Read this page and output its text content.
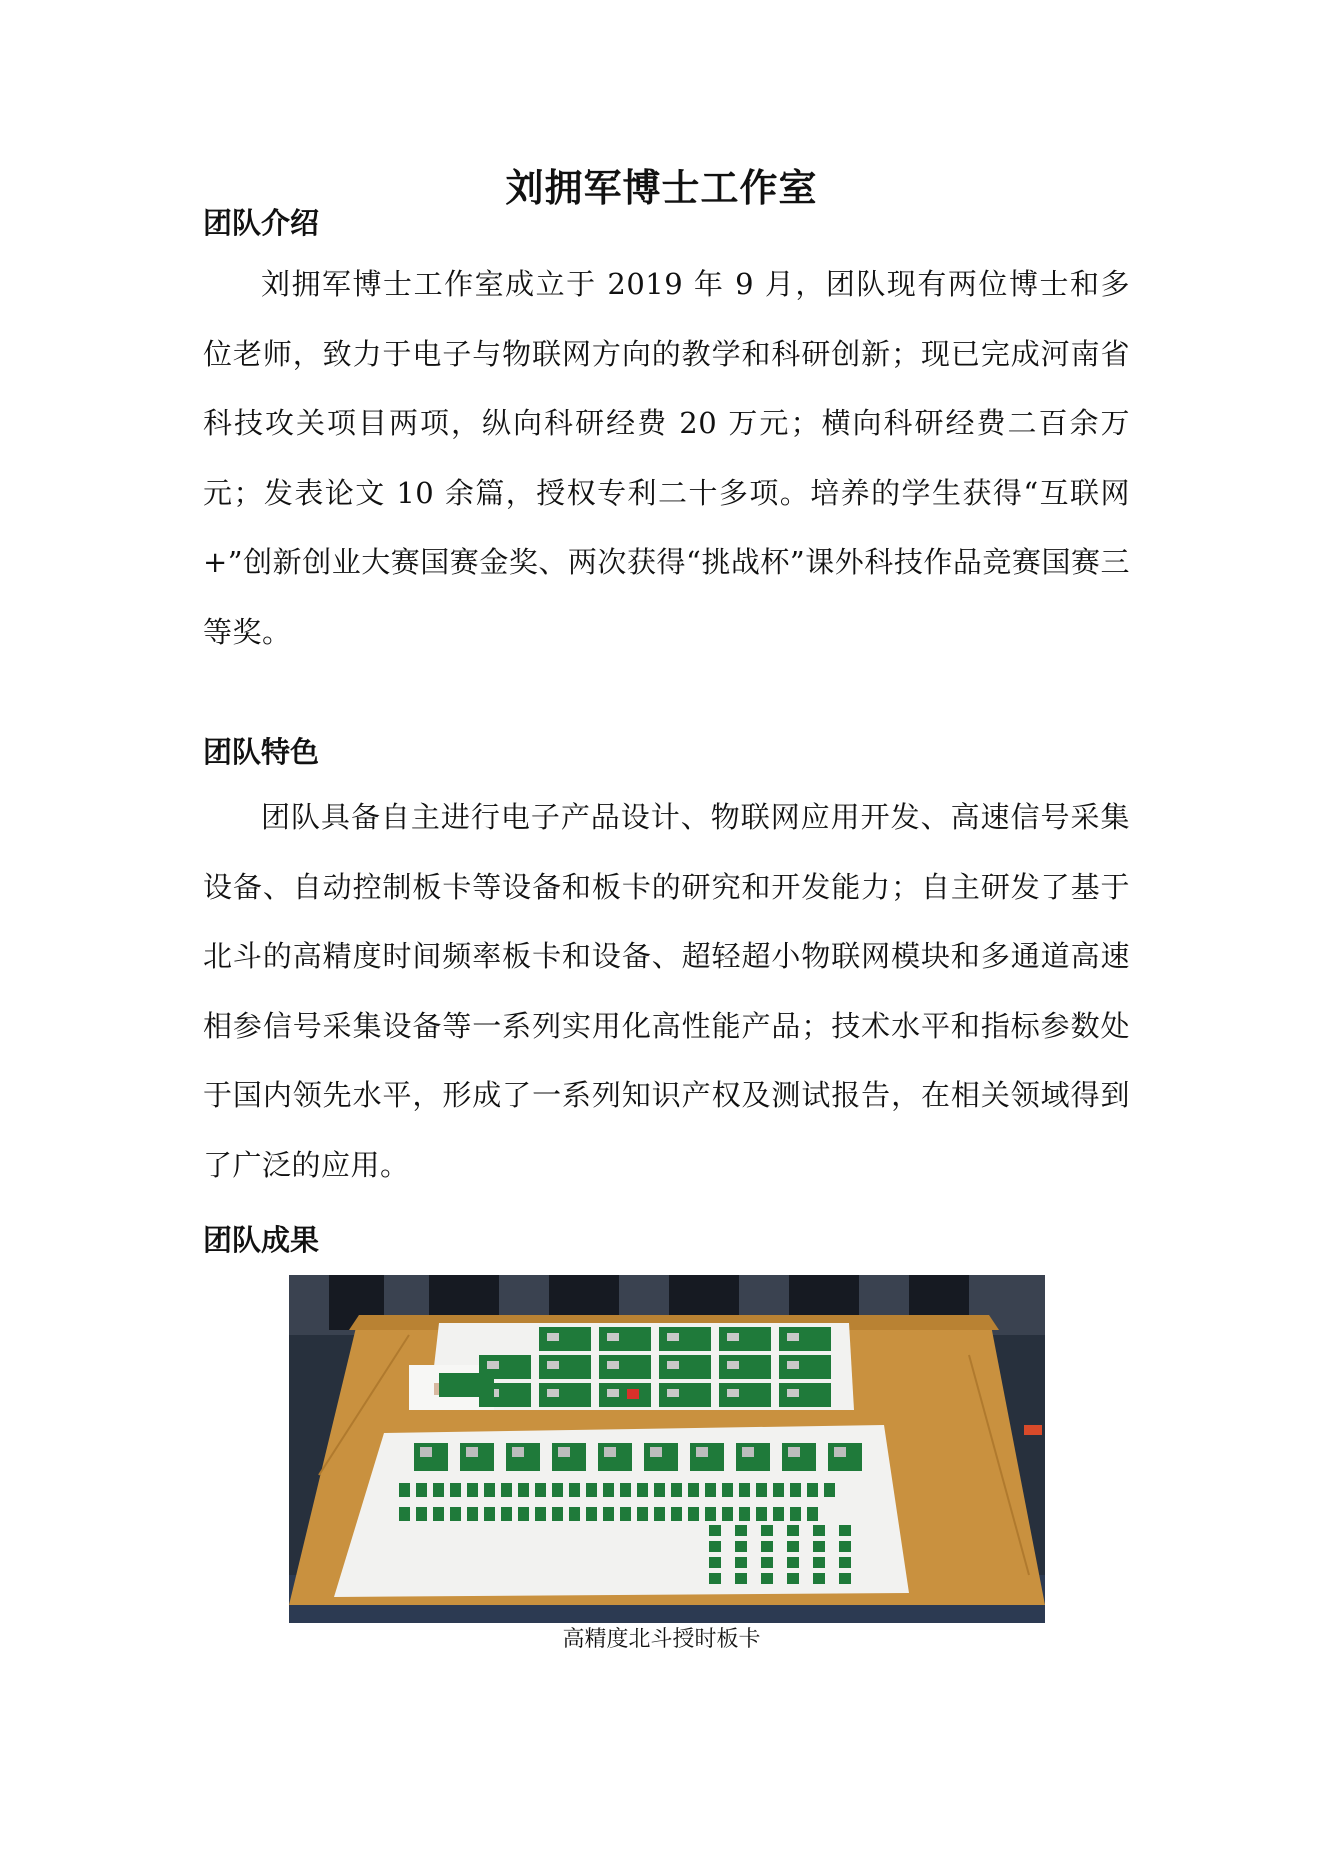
刘拥军博士工作室
团队介绍

刘拥军博士工作室成立于 2019 年 9 月，团队现有两位博士和多位老师，致力于电子与物联网方向的教学和科研创新；现已完成河南省科技攻关项目两项，纵向科研经费 20 万元；横向科研经费二百余万元；发表论文 10 余篇，授权专利二十多项。培养的学生获得“互联网+”创新创业大赛国赛金奖、两次获得“挑战杯”课外科技作品竞赛国赛三等奖。

团队特色

团队具备自主进行电子产品设计、物联网应用开发、高速信号采集设备、自动控制板卡等设备和板卡的研究和开发能力；自主研发了基于北斗的高精度时间频率板卡和设备、超轻超小物联网模块和多通道高速相参信号采集设备等一系列实用化高性能产品；技术水平和指标参数处于国内领先水平，形成了一系列知识产权及测试报告，在相关领域得到了广泛的应用。

团队成果
高精度北斗授时板卡
